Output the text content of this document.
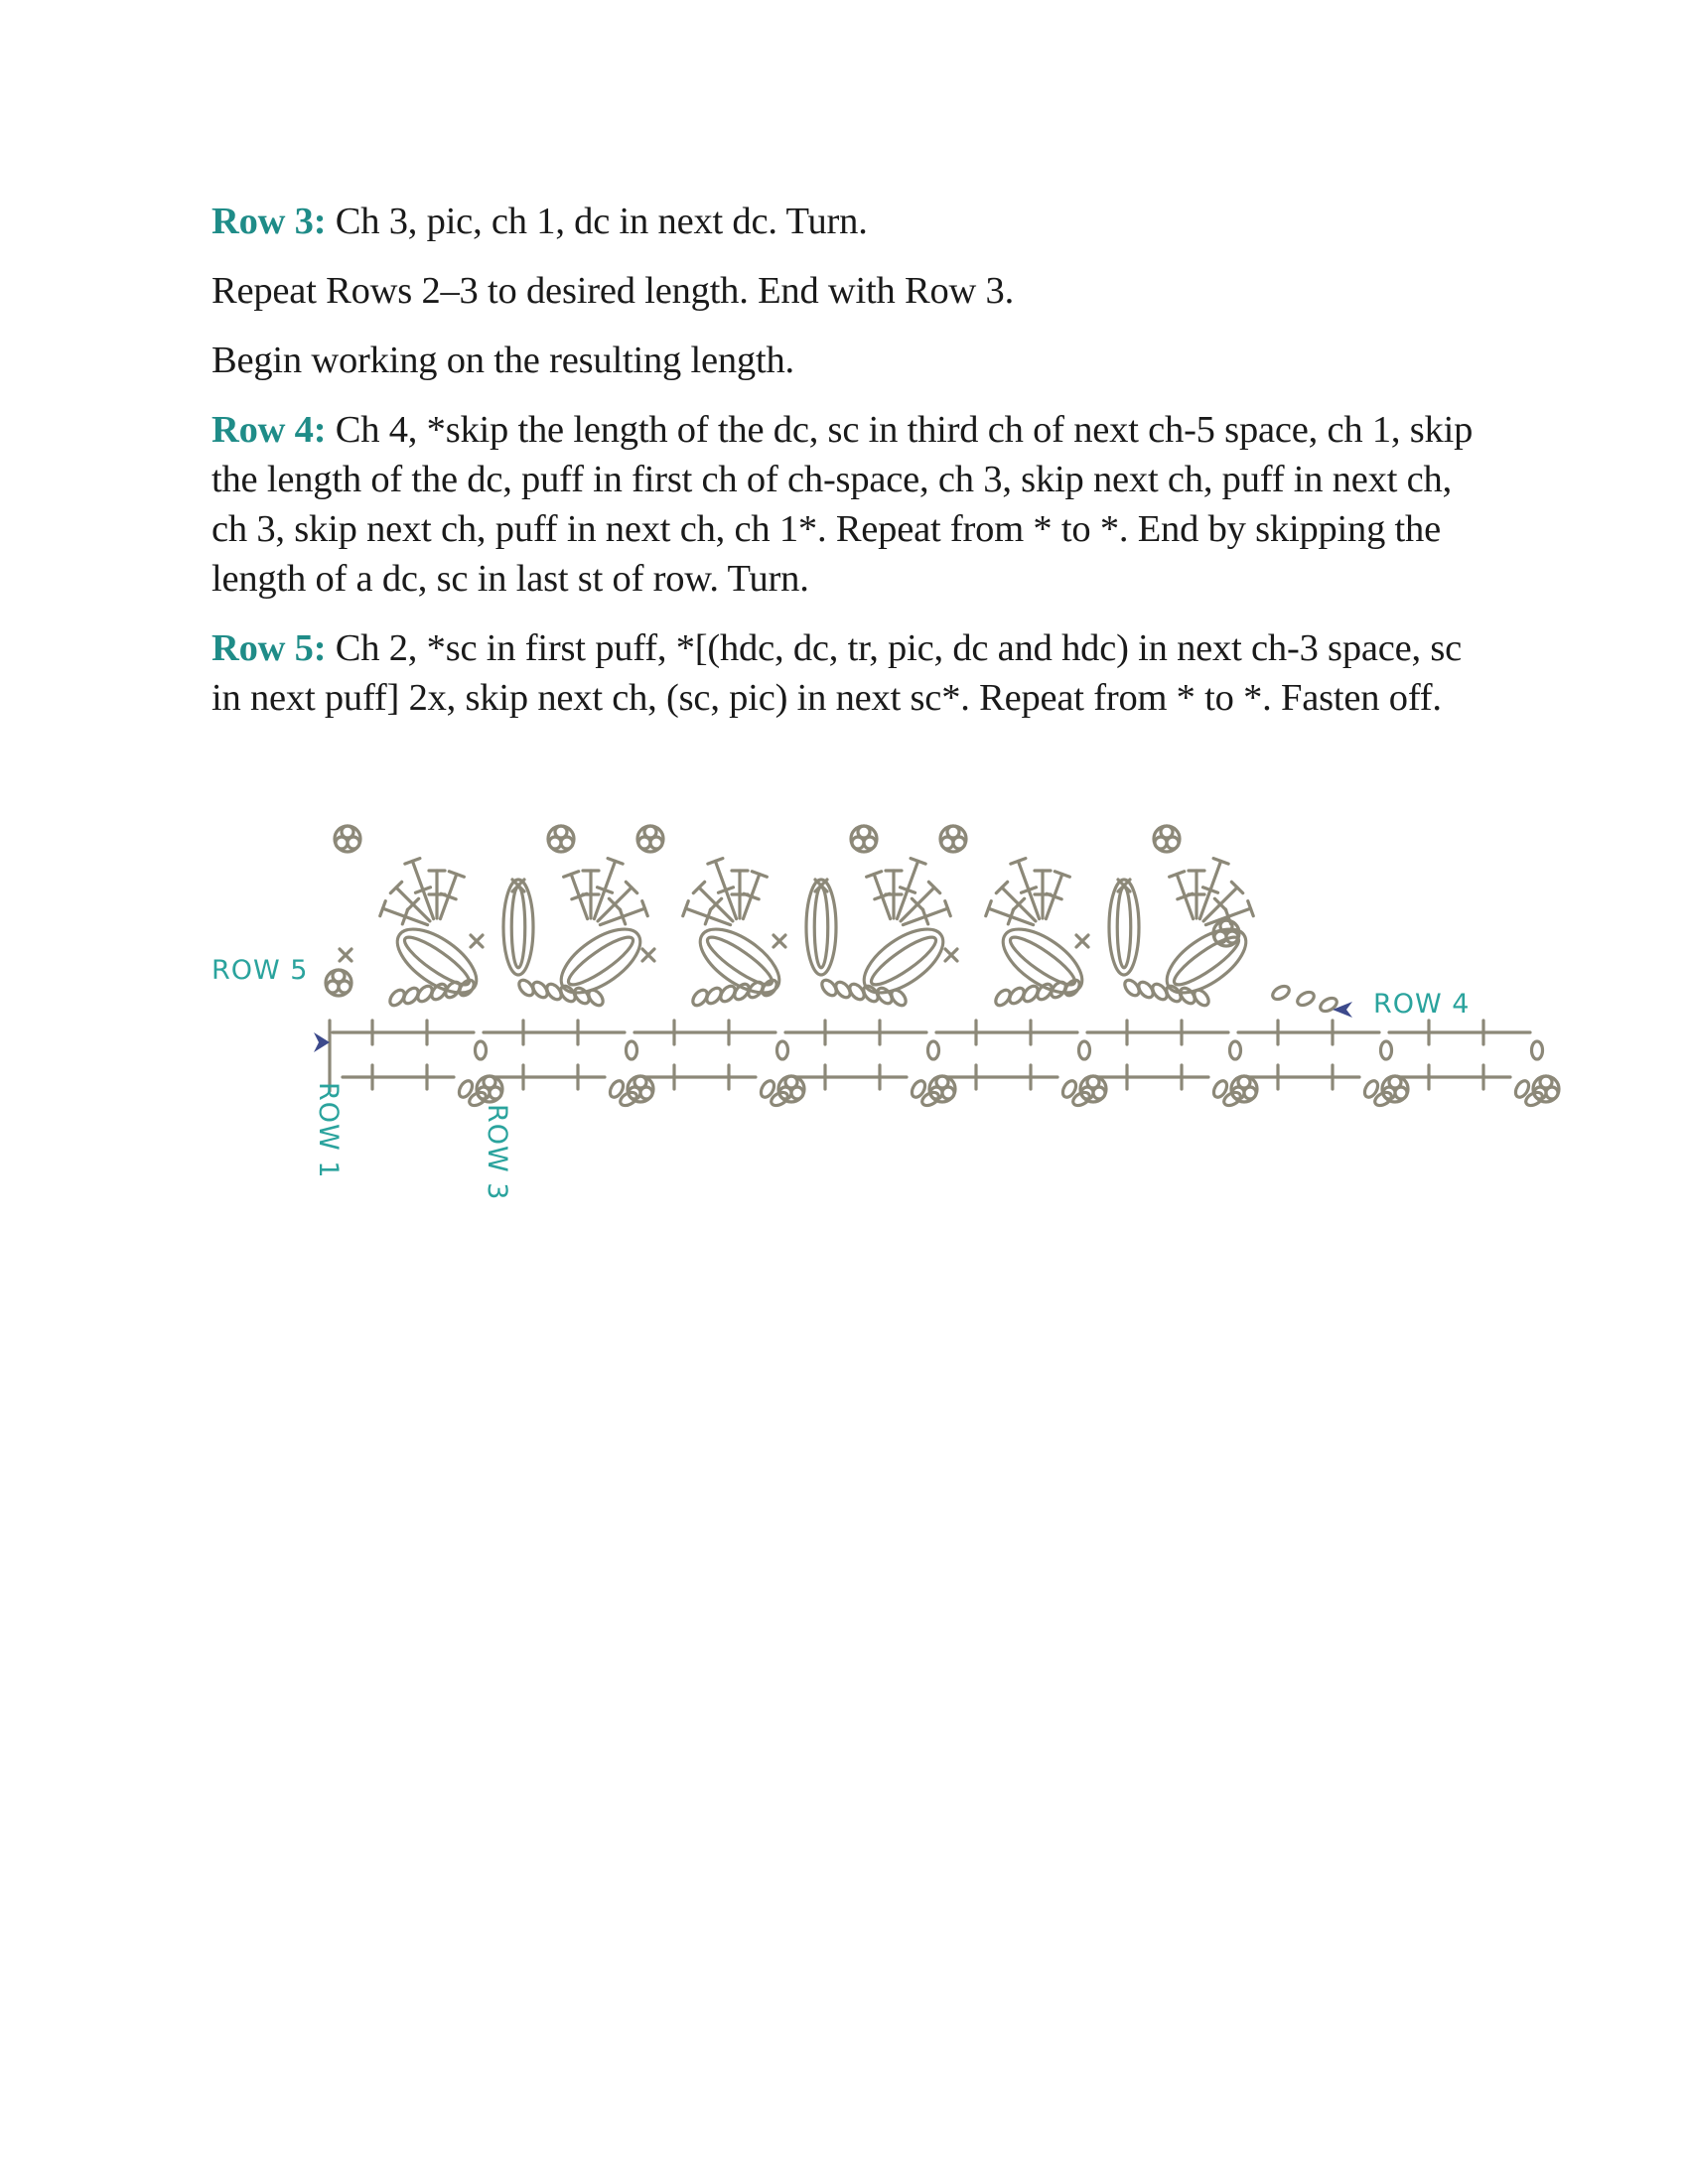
Row 3: Ch 3, pic, ch 1, dc in next dc. Turn.

Repeat Rows 2–3 to desired length. End with Row 3.

Begin working on the resulting length.

Row 4: Ch 4, *skip the length of the dc, sc in third ch of next ch-5 space, ch 1, skip the length of the dc, puff in first ch of ch-space, ch 3, skip next ch, puff in next ch, ch 3, skip next ch, puff in next ch, ch 1*. Repeat from * to *. End by skipping the length of a dc, sc in last st of row. Turn.

Row 5: Ch 2, *sc in first puff, *[(hdc, dc, tr, pic, dc and hdc) in next ch-3 space, sc in next puff] 2x, skip next ch, (sc, pic) in next sc*. Repeat from * to *. Fasten off.

ROW 5
ROW 4
ROW 1	ROW 3
